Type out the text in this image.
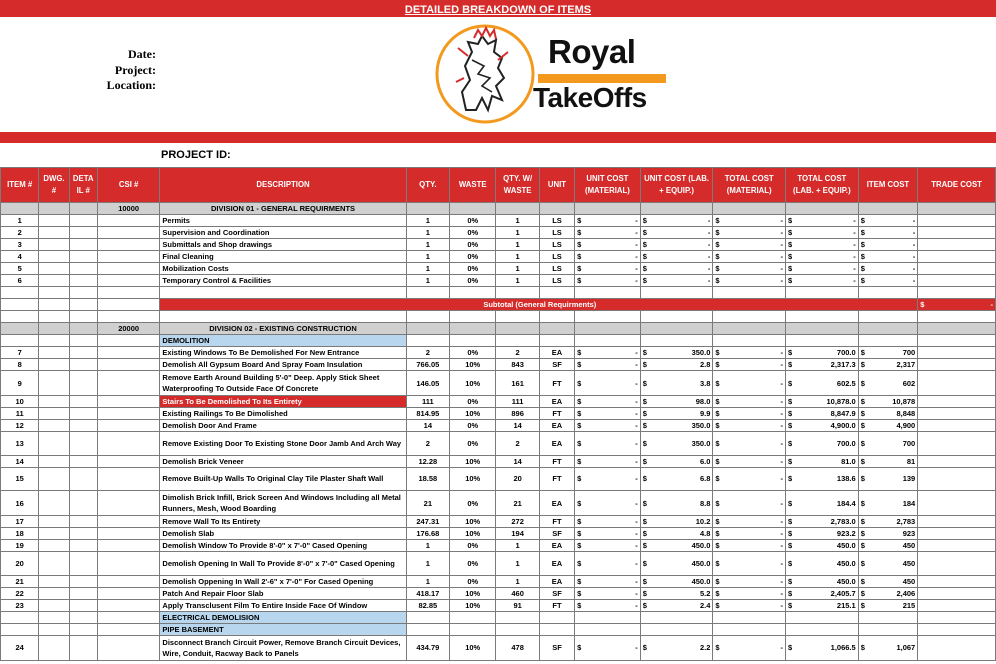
DETAILED BREAKDOWN OF ITEMS
Date:
Project:
Location:
Royal
TakeOffs
PROJECT ID:
ITEM #	DWG. #	DETA IL #	CSI #	DESCRIPTION	QTY.	WASTE	QTY. W/ WASTE	UNIT	UNIT COST (MATERIAL)	UNIT COST (LAB. + EQUIP.)	TOTAL COST (MATERIAL)	TOTAL COST (LAB. + EQUIP.)	ITEM COST	TRADE COST
			10000	DIVISION 01 - GENERAL REQUIRMENTS										
1				Permits	1	0%	1	LS	$ -	$ -	$ -	$ -	$ -	

2				Supervision and Coordination	1	0%	1	LS	$ -	$ -	$ -	$ -	$ -	

3				Submittals and Shop drawings	1	0%	1	LS	$ -	$ -	$ -	$ -	$ -	

4				Final Cleaning	1	0%	1	LS	$ -	$ -	$ -	$ -	$ -	

5				Mobilization Costs	1	0%	1	LS	$ -	$ -	$ -	$ -	$ -	

6				Temporary Control & Facilities	1	0%	1	LS	$ -	$ -	$ -	$ -	$ -	

				Subtotal (General Requirments)										$ -

			20000	DIVISION 02 - EXISTING CONSTRUCTION										
				DEMOLITION										
7				Existing Windows To Be Demolished For New Entrance	2	0%	2	EA	$ -	$ 350.0	$ -	$ 700.0	$ 700	

8				Demolish All Gypsum Board And Spray Foam Insulation	766.05	10%	843	SF	$ -	$ 2.8	$ -	$ 2,317.3	$ 2,317	

9				Remove Earth Around Building 5'-0" Deep. Apply Stick Sheet Waterproofing To Outside Face Of Concrete	146.05	10%	161	FT	$ -	$ 3.8	$ -	$ 602.5	$ 602	

10				Stairs To Be Demolished To Its Entirety	111	0%	111	EA	$ -	$ 98.0	$ -	$ 10,878.0	$ 10,878	

11				Existing Railings To Be Dimolished	814.95	10%	896	FT	$ -	$ 9.9	$ -	$ 8,847.9	$ 8,848	

12				Demolish Door And Frame	14	0%	14	EA	$ -	$ 350.0	$ -	$ 4,900.0	$ 4,900	

13				Remove Existing Door To Existing Stone Door Jamb And Arch Way	2	0%	2	EA	$ -	$ 350.0	$ -	$ 700.0	$ 700	

14				Demolish Brick Veneer	12.28	10%	14	FT	$ -	$ 6.0	$ -	$ 81.0	$ 81	

15				Remove Built-Up Walls To Original Clay Tile Plaster Shaft Wall	18.58	10%	20	FT	$ -	$ 6.8	$ -	$ 138.6	$ 139	

16				Dimolish Brick Infill, Brick Screen And Windows Including all Metal Runners, Mesh, Wood Boarding	21	0%	21	EA	$ -	$ 8.8	$ -	$ 184.4	$ 184	

17				Remove Wall To Its Entirety	247.31	10%	272	FT	$ -	$ 10.2	$ -	$ 2,783.0	$ 2,783	

18				Demolish Slab	176.68	10%	194	SF	$ -	$ 4.8	$ -	$ 923.2	$ 923	

19				Demolish Window To Provide 8'-0" x 7'-0" Cased Opening	1	0%	1	EA	$ -	$ 450.0	$ -	$ 450.0	$ 450	

20				Demolish Opening In Wall To Provide 8'-0" x 7'-0" Cased Opening	1	0%	1	EA	$ -	$ 450.0	$ -	$ 450.0	$ 450	

21				Demolish Oppening In Wall 2'-6" x 7'-0" For Cased Opening	1	0%	1	EA	$ -	$ 450.0	$ -	$ 450.0	$ 450	

22				Patch And Repair Floor Slab	418.17	10%	460	SF	$ -	$ 5.2	$ -	$ 2,405.7	$ 2,406	

23				Apply Transclusent Film To Entire Inside Face Of Window	82.85	10%	91	FT	$ -	$ 2.4	$ -	$ 215.1	$ 215	

				ELECTRICAL DEMOLISION										
				PIPE BASEMENT										
24				Disconnect Branch Circuit Power, Remove Branch Circuit Devices, Wire, Conduit, Racway Back to Panels	434.79	10%	478	SF	$ -	$ 2.2	$ -	$ 1,066.5	$ 1,067	
